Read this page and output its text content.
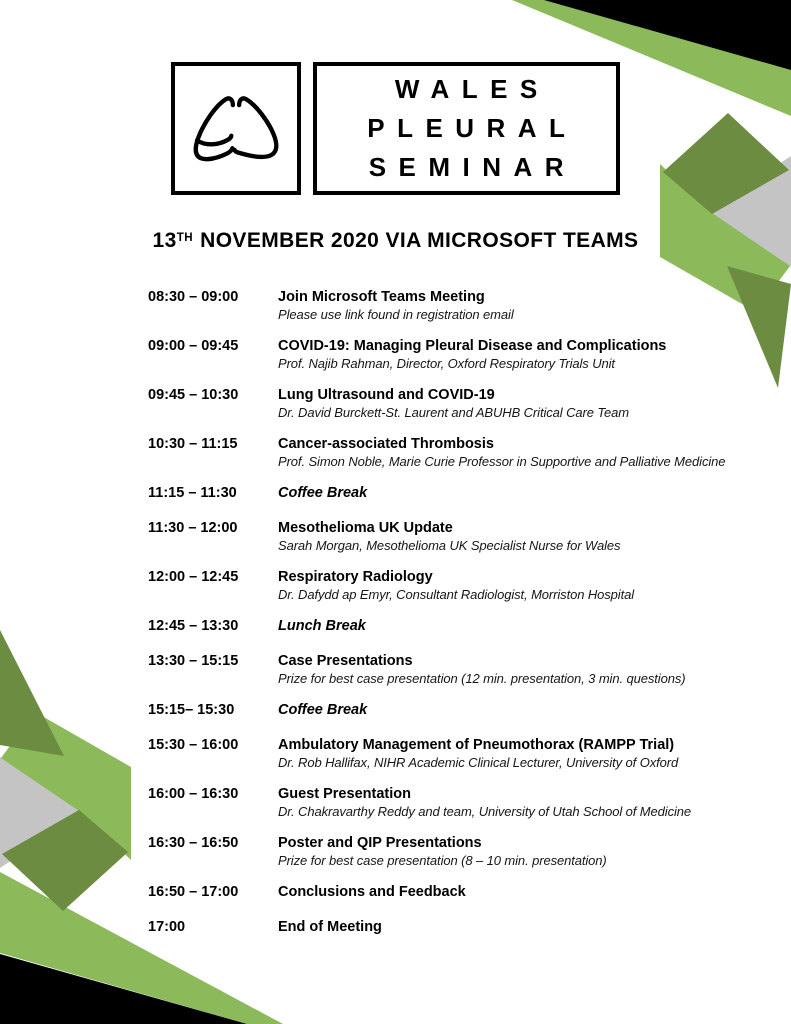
WALES
PLEURAL
SEMINAR
13TH NOVEMBER 2020 VIA MICROSOFT TEAMS
08:30 – 09:00	Join Microsoft Teams Meeting
Please use link found in registration email
09:00 – 09:45	COVID-19: Managing Pleural Disease and Complications
Prof. Najib Rahman, Director, Oxford Respiratory Trials Unit
09:45 – 10:30	Lung Ultrasound and COVID-19
Dr. David Burckett-St. Laurent and ABUHB Critical Care Team
10:30 – 11:15	Cancer-associated Thrombosis
Prof. Simon Noble, Marie Curie Professor in Supportive and Palliative Medicine
11:15 – 11:30	Coffee Break
11:30 – 12:00	Mesothelioma UK Update
Sarah Morgan, Mesothelioma UK Specialist Nurse for Wales
12:00 – 12:45	Respiratory Radiology
Dr. Dafydd ap Emyr, Consultant Radiologist, Morriston Hospital
12:45 – 13:30	Lunch Break
13:30 – 15:15	Case Presentations
Prize for best case presentation (12 min. presentation, 3 min. questions)
15:15– 15:30	Coffee Break
15:30 – 16:00	Ambulatory Management of Pneumothorax (RAMPP Trial)
Dr. Rob Hallifax, NIHR Academic Clinical Lecturer, University of Oxford
16:00 – 16:30	Guest Presentation
Dr. Chakravarthy Reddy and team, University of Utah School of Medicine
16:30 – 16:50	Poster and QIP Presentations
Prize for best case presentation (8 – 10 min. presentation)
16:50 – 17:00	Conclusions and Feedback
17:00	End of Meeting
